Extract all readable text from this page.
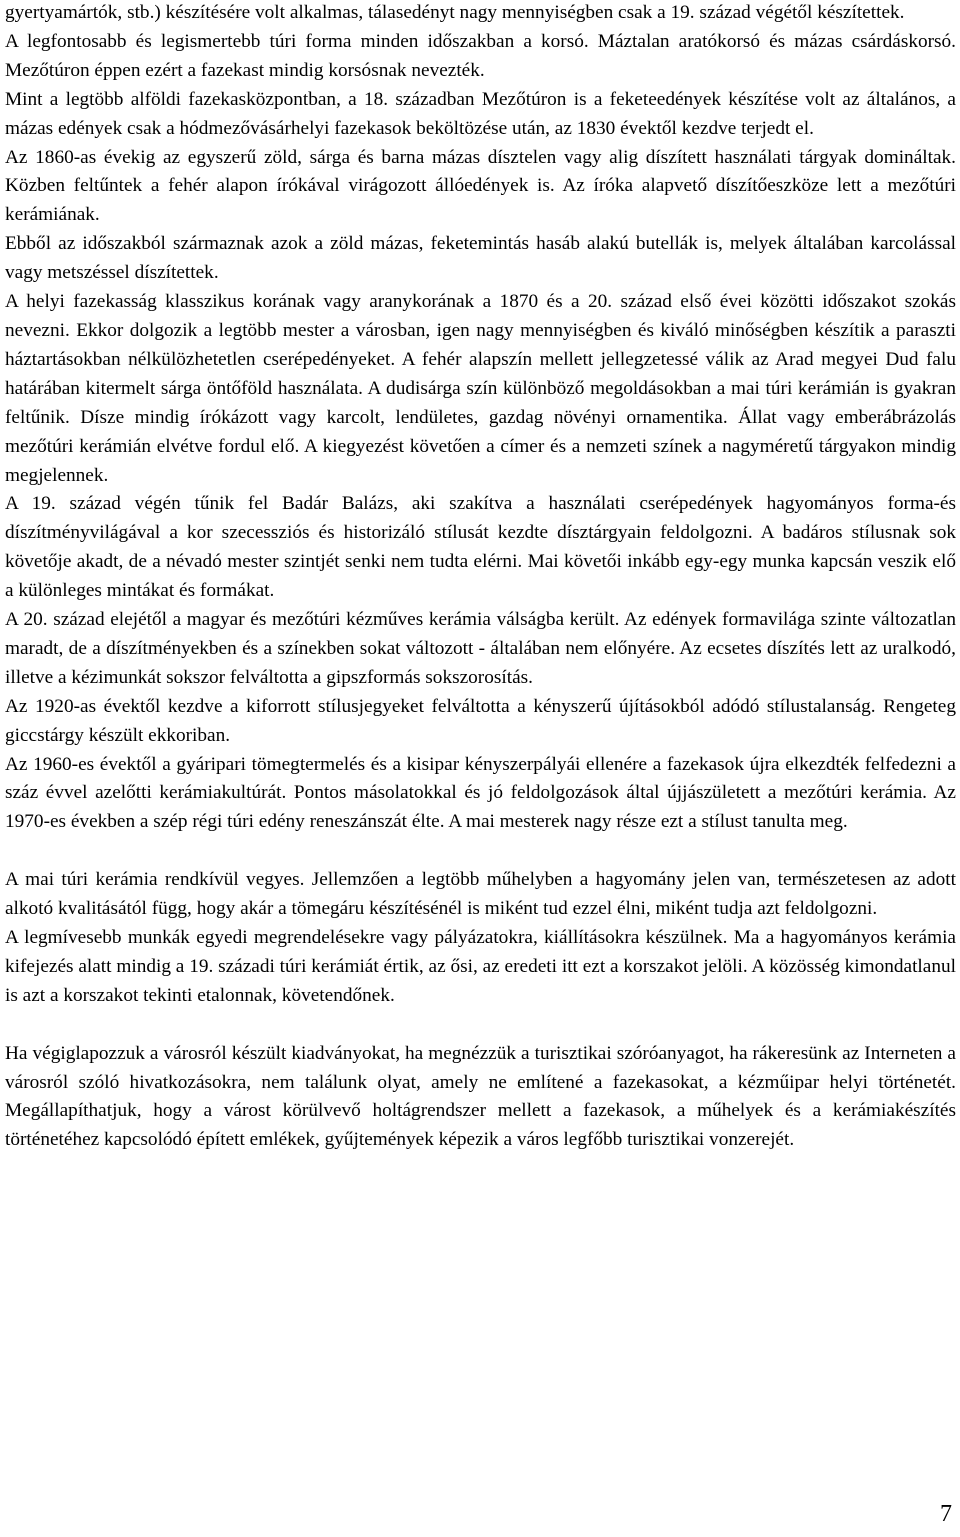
gyertyamártók, stb.) készítésére volt alkalmas, tálasedényt nagy mennyiségben csak a 19. század végétől készítettek.

A legfontosabb és legismertebb túri forma minden időszakban a korsó. Máztalan aratókorsó és mázas csárdáskorsó. Mezőtúron éppen ezért a fazekast mindig korsósnak nevezték.

Mint a legtöbb alföldi fazekasközpontban, a 18. században Mezőtúron is a feketeedények készítése volt az általános, a mázas edények csak a hódmezővásárhelyi fazekasok beköltözése után, az 1830 évektől kezdve terjedt el.

Az 1860-as évekig az egyszerű zöld, sárga és barna mázas dísztelen vagy alig díszített használati tárgyak domináltak. Közben feltűntek a fehér alapon írókával virágozott állóedények is. Az íróka alapvető díszítőeszköze lett a mezőtúri kerámiának.

Ebből az időszakból származnak azok a zöld mázas, feketemintás hasáb alakú butellák is, melyek általában karcolással vagy metszéssel díszítettek.

A helyi fazekasság klasszikus korának vagy aranykorának a 1870 és a 20. század első évei közötti időszakot szokás nevezni. Ekkor dolgozik a legtöbb mester a városban, igen nagy mennyiségben és kiváló minőségben készítik a paraszti háztartásokban nélkülözhetetlen cserépedényeket. A fehér alapszín mellett jellegzetessé válik az Arad megyei Dud falu határában kitermelt sárga öntőföld használata. A dudisárga szín különböző megoldásokban a mai túri kerámián is gyakran feltűnik. Dísze mindig írókázott vagy karcolt, lendületes, gazdag növényi ornamentika. Állat vagy emberábrázolás mezőtúri kerámián elvétve fordul elő. A kiegyezést követően a címer és a nemzeti színek a nagyméretű tárgyakon mindig megjelennek.

A 19. század végén tűnik fel Badár Balázs, aki szakítva a használati cserépedények hagyományos forma-és díszítményvilágával a kor szecessziós és historizáló stílusát kezdte dísztárgyain feldolgozni. A badáros stílusnak sok követője akadt, de a névadó mester szintjét senki nem tudta elérni. Mai követői inkább egy-egy munka kapcsán veszik elő a különleges mintákat és formákat.

A 20. század elejétől a magyar és mezőtúri kézműves kerámia válságba került. Az edények formavilága szinte változatlan maradt, de a díszítményekben és a színekben sokat változott - általában nem előnyére. Az ecsetes díszítés lett az uralkodó, illetve a kézimunkát sokszor felváltotta a gipszformás sokszorosítás.

Az 1920-as évektől kezdve a kiforrott stílusjegyeket felváltotta a kényszerű újításokból adódó stílustalanság. Rengeteg giccstárgy készült ekkoriban.

Az 1960-es évektől a gyáripari tömegtermelés és a kisipar kényszerpályái ellenére a fazekasok újra elkezdték felfedezni a száz évvel azelőtti kerámiakultúrát. Pontos másolatokkal és jó feldolgozások által újjászületett a mezőtúri kerámia. Az 1970-es években a szép régi túri edény reneszánszát élte. A mai mesterek nagy része ezt a stílust tanulta meg.

A mai túri kerámia rendkívül vegyes. Jellemzően a legtöbb műhelyben a hagyomány jelen van, természetesen az adott alkotó kvalitásától függ, hogy akár a tömegáru készítésénél is miként tud ezzel élni, miként tudja azt feldolgozni.

A legmívesebb munkák egyedi megrendelésekre vagy pályázatokra, kiállításokra készülnek. Ma a hagyományos kerámia kifejezés alatt mindig a 19. századi túri kerámiát értik, az ősi, az eredeti itt ezt a korszakot jelöli. A közösség kimondatlanul is azt a korszakot tekinti etalonnak, követendőnek.

Ha végiglapozzuk a városról készült kiadványokat, ha megnézzük a turisztikai szóróanyagot, ha rákeresünk az Interneten a városról szóló hivatkozásokra, nem találunk olyat, amely ne említené a fazekasokat, a kézműipar helyi történetét. Megállapíthatjuk, hogy a várost körülvevő holtágrendszer mellett a fazekasok, a műhelyek és a kerámiakészítés történetéhez kapcsolódó épített emlékek, gyűjtemények képezik a város legfőbb turisztikai vonzerejét.

7
